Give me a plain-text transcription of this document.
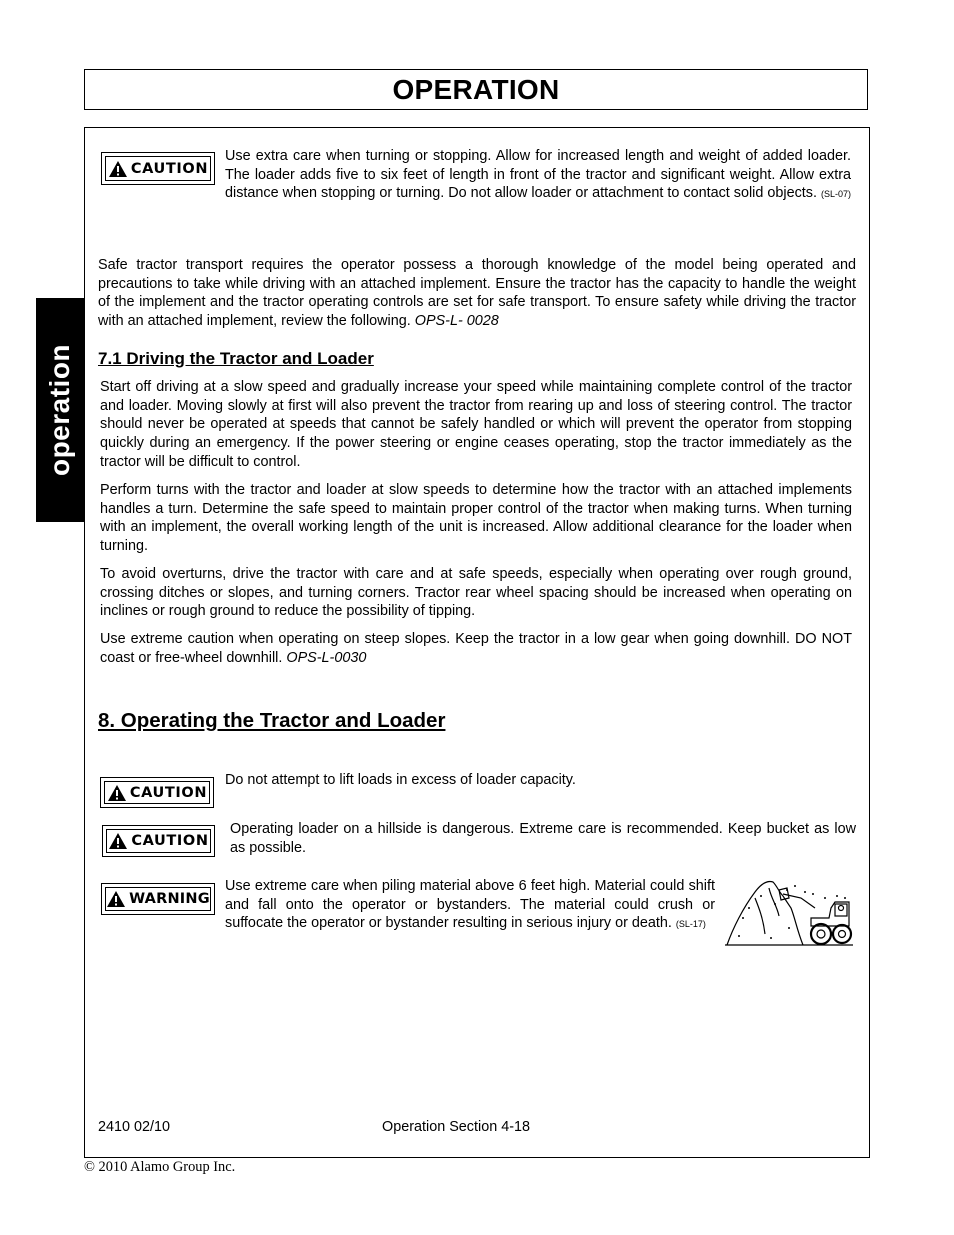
OPERATION
operation
CAUTION
Use extra care when turning or stopping. Allow for increased length and weight of added loader. The loader adds five to six feet of length in front of the tractor and significant weight. Allow extra distance when stopping or turning. Do not allow loader or attachment to contact solid objects. (SL-07)
Safe tractor transport requires the operator possess a thorough knowledge of the model being operated and precautions to take while driving with an attached implement. Ensure the tractor has the capacity to handle the weight of the implement and the tractor operating controls are set for safe transport. To ensure safety while driving the tractor with an attached implement, review the following. OPS-L- 0028
7.1 Driving the Tractor and Loader
Start off driving at a slow speed and gradually increase your speed while maintaining complete control of the tractor and loader. Moving slowly at first will also prevent the tractor from rearing up and loss of steering control. The tractor should never be operated at speeds that cannot be safely handled or which will prevent the operator from stopping quickly during an emergency. If the power steering or engine ceases operating, stop the tractor immediately as the tractor will be difficult to control.
Perform turns with the tractor and loader at slow speeds to determine how the tractor with an attached implements handles a turn. Determine the safe speed to maintain proper control of the tractor when making turns. When turning with an implement, the overall working length of the unit is increased. Allow additional clearance for the loader when turning.
To avoid overturns, drive the tractor with care and at safe speeds, especially when operating over rough ground, crossing ditches or slopes, and turning corners. Tractor rear wheel spacing should be increased when operating on inclines or rough ground to reduce the possibility of tipping.
Use extreme caution when operating on steep slopes. Keep the tractor in a low gear when going downhill. DO NOT coast or free-wheel downhill. OPS-L-0030
8. Operating the Tractor and Loader
CAUTION
Do not attempt to lift loads in excess of loader capacity.
CAUTION
Operating loader on a hillside is dangerous. Extreme care is recommended. Keep bucket as low as possible.
WARNING
Use extreme care when piling material above 6 feet high. Material could shift and fall onto the operator or bystanders. The material could crush or suffocate the operator or bystander resulting in serious injury or death. (SL-17)
2410 02/10	Operation Section 4-18
© 2010 Alamo Group Inc.
